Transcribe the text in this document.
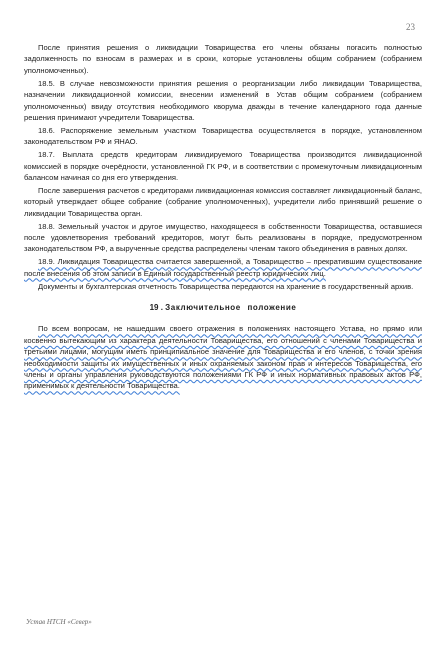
23

После принятия решения о ликвидации Товарищества его члены обязаны погасить полностью задолженность по взносам в размерах и в сроки, которые установлены общим собранием (собранием уполномоченных).

18.5. В случае невозможности принятия решения о реорганизации либо ликвидации Товарищества, назначении ликвидационной комиссии, внесении изменений в Устав общим собранием (собранием уполномоченных) ввиду отсутствия необходимого кворума дважды в течение календарного года данные решения принимают учредители Товарищества.

18.6. Распоряжение земельным участком Товарищества осуществляется в порядке, установленном законодательством РФ и ЯНАО.

18.7. Выплата средств кредиторам ликвидируемого Товарищества производится ликвидационной комиссией в порядке очерёдности, установленной ГК РФ, и в соответствии с промежуточным ликвидационным балансом начиная со дня его утверждения.

После завершения расчетов с кредиторами ликвидационная комиссия составляет ликвидационный баланс, который утверждает общее собрание (собрание уполномоченных), учредители либо принявший решение о ликвидации Товарищества орган.

18.8. Земельный участок и другое имущество, находящееся в собственности Товарищества, оставшиеся после удовлетворения требований кредиторов, могут быть реализованы в порядке, предусмотренном законодательством РФ, а вырученные средства распределены членам такого объединения в равных долях.

18.9. Ликвидация Товарищества считается завершенной, а Товарищество – прекратившим существование после внесения об этом записи в Единый государственный реестр юридических лиц.

Документы и бухгалтерская отчетность Товарищества передаются на хранение в государственный архив.

19 . Заключительное положение

По всем вопросам, не нашедшим своего отражения в положениях настоящего Устава, но прямо или косвенно вытекающим из характера деятельности Товарищества, его отношений с членами Товарищества и третьими лицами, могущим иметь принципиальное значение для Товарищества и его членов, с точки зрения необходимости защиты их имущественных и иных охраняемых законом прав и интересов Товарищества, его члены и органы управления руководствуются положениями ГК РФ и иных нормативных правовых актов РФ, применимых к деятельности Товарищества.

Устав НТСН «Север»
